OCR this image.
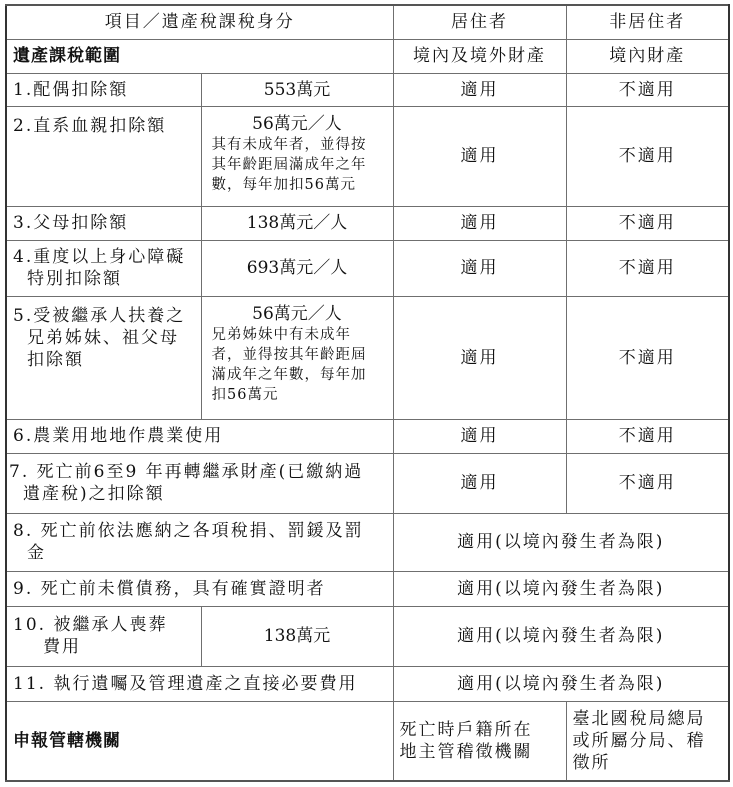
項目／遺產稅課稅身分		居住者	非居住者
遺產課稅範圍		境內及境外財產	境內財產
1.配偶扣除額	553萬元	適用	不適用
2.直系血親扣除額	56萬元／人
其有未成年者，並得按
其年齡距屆滿成年之年
數，每年加扣56萬元	適用	不適用
3.父母扣除額	138萬元／人	適用	不適用

4.重度以上身心障礙
特別扣除額	693萬元／人	適用	不適用

5.受被繼承人扶養之
兄弟姊妹、祖父母
扣除額	56萬元／人
兄弟姊妹中有未成年
者，並得按其年齡距屆
滿成年之年數，每年加
扣56萬元	適用	不適用
6.農業用地地作農業使用		適用	不適用

7. 死亡前6至9 年再轉繼承財產(已繳納過
遺產稅)之扣除額		適用	不適用

8. 死亡前依法應納之各項稅捐、罰鍰及罰
金		適用(以境內發生者為限)	
9. 死亡前未償債務，具有確實證明者		適用(以境內發生者為限)	

10. 被繼承人喪葬
費用	138萬元	適用(以境內發生者為限)	
11. 執行遺囑及管理遺產之直接必要費用		適用(以境內發生者為限)	
申報管轄機關		死亡時戶籍所在
地主管稽徵機關	臺北國稅局總局
或所屬分局、稽
徵所
